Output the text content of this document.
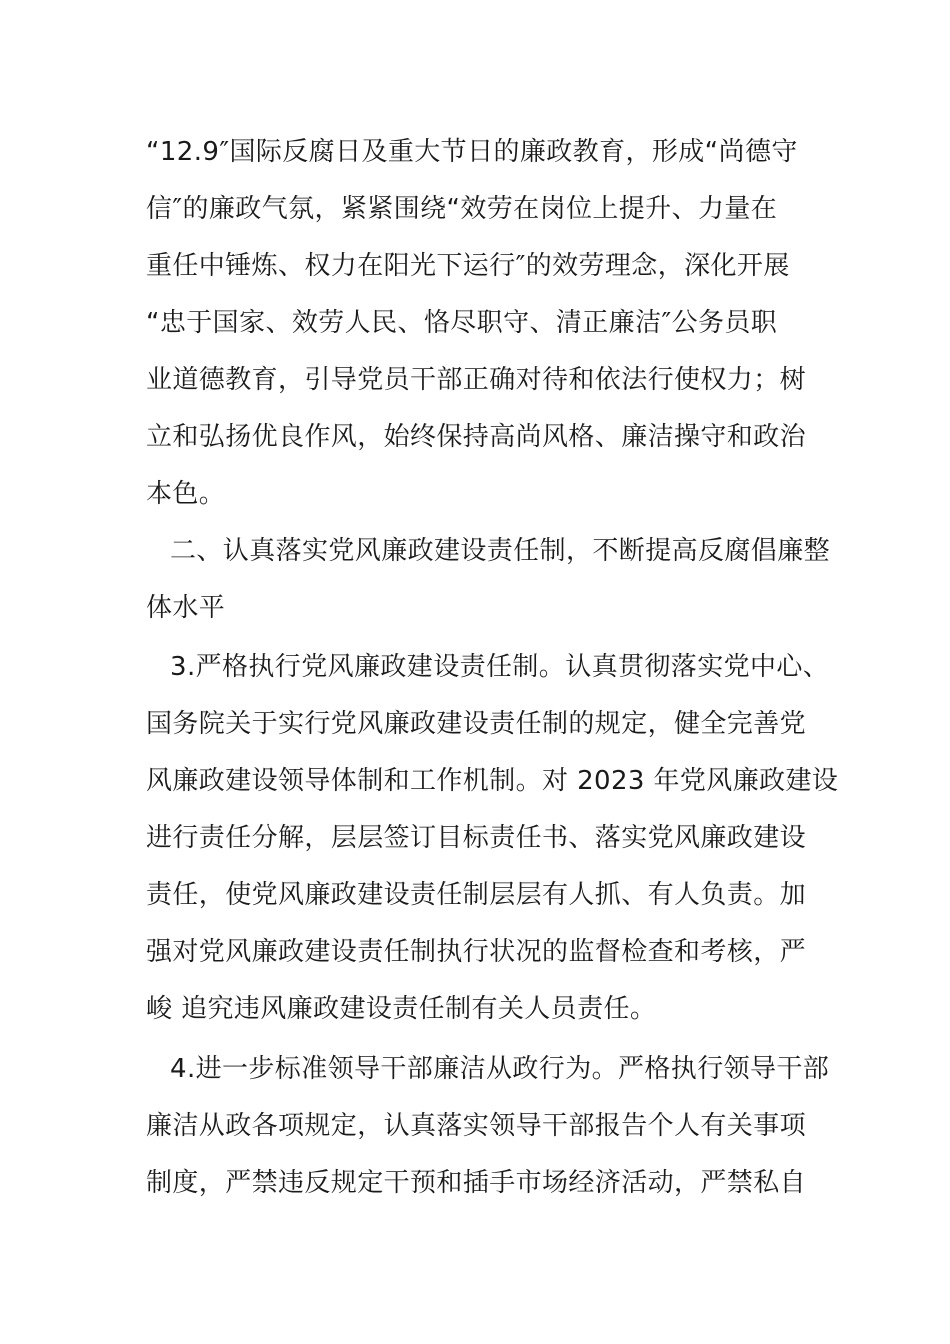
“12.9″国际反腐日及重大节日的廉政教育，形成“尚德守
信″的廉政气氛，紧紧围绕“效劳在岗位上提升、力量在
重任中锤炼、权力在阳光下运行″的效劳理念，深化开展
“忠于国家、效劳人民、恪尽职守、清正廉洁″公务员职
业道德教育，引导党员干部正确对待和依法行使权力；树
立和弘扬优良作风，始终保持高尚风格、廉洁操守和政治
本色。
二、认真落实党风廉政建设责任制，不断提高反腐倡廉整
体水平
3.严格执行党风廉政建设责任制。认真贯彻落实党中心、
国务院关于实行党风廉政建设责任制的规定，健全完善党
风廉政建设领导体制和工作机制。对 2023 年党风廉政建设
进行责任分解，层层签订目标责任书、落实党风廉政建设
责任，使党风廉政建设责任制层层有人抓、有人负责。加
强对党风廉政建设责任制执行状况的监督检查和考核，严
峻 追究违风廉政建设责任制有关人员责任。
4.进一步标准领导干部廉洁从政行为。严格执行领导干部
廉洁从政各项规定，认真落实领导干部报告个人有关事项
制度，严禁违反规定干预和插手市场经济活动，严禁私自
